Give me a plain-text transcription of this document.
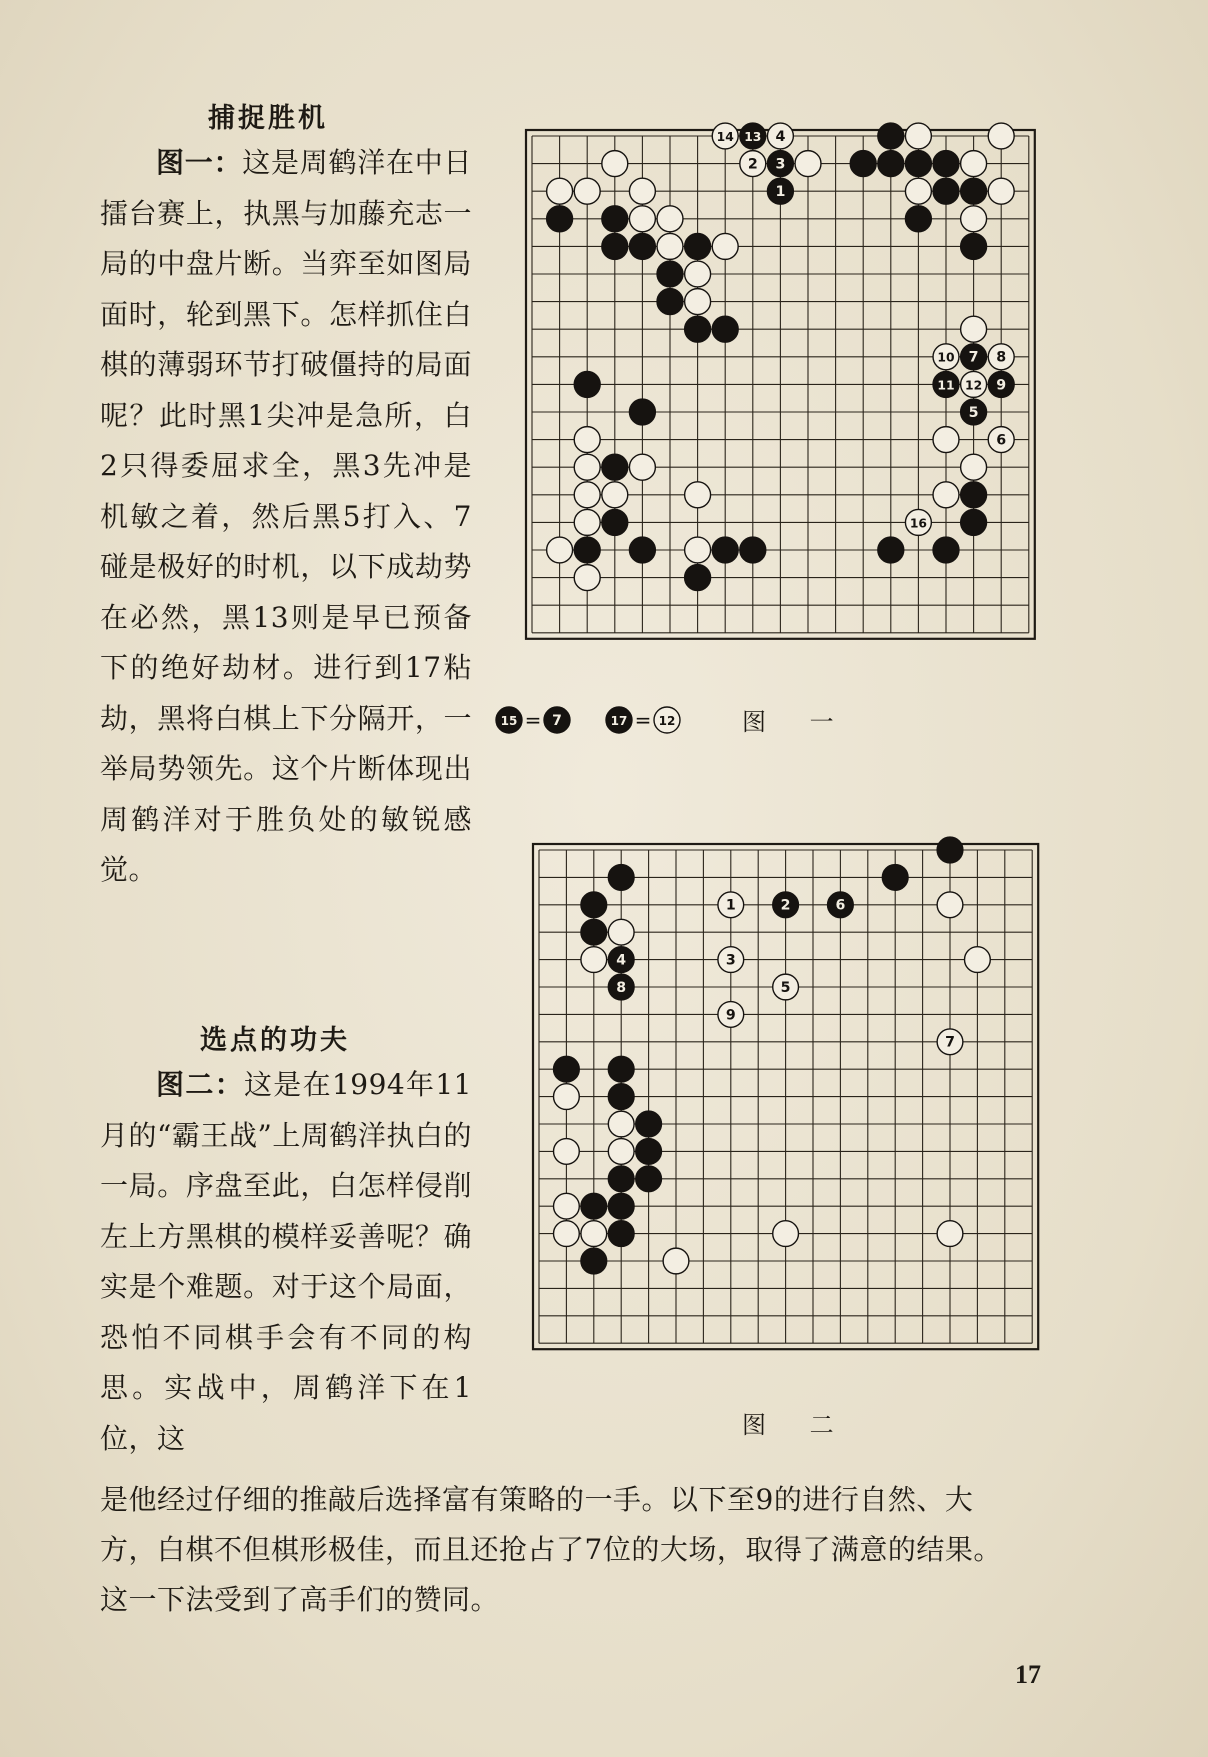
捕捉胜机

图一：这是周鹤洋在中日擂台赛上，执黑与加藤充志一局的中盘片断。当弈至如图局面时，轮到黑下。怎样抓住白棋的薄弱环节打破僵持的局面呢？此时黑1尖冲是急所，白2只得委屈求全，黑3先冲是机敏之着，然后黑5打入、7碰是极好的时机，以下成劫势在必然，黑13则是早已预备下的绝好劫材。进行到17粘劫，黑将白棋上下分隔开，一举局势领先。这个片断体现出周鹤洋对于胜负处的敏锐感觉。

选点的功夫

图二：这是在1994年11月的“霸王战”上周鹤洋执白的一局。序盘至此，白怎样侵削左上方黑棋的模样妥善呢？确实是个难题。对于这个局面，恐怕不同棋手会有不同的构思。实战中，周鹤洋下在1位，这

是他经过仔细的推敲后选择富有策略的一手。以下至9的进行自然、大
方，白棋不但棋形极佳，而且还抢占了7位的大场，取得了满意的结果。
这一下法受到了高手们的赞同。
13
14	4
2 3
1
7
10	8
11 12 9
5
6
16
15 = 7	17 = 12	图 一
1	2	6
4	3
8	5
9
7
图 二
17
